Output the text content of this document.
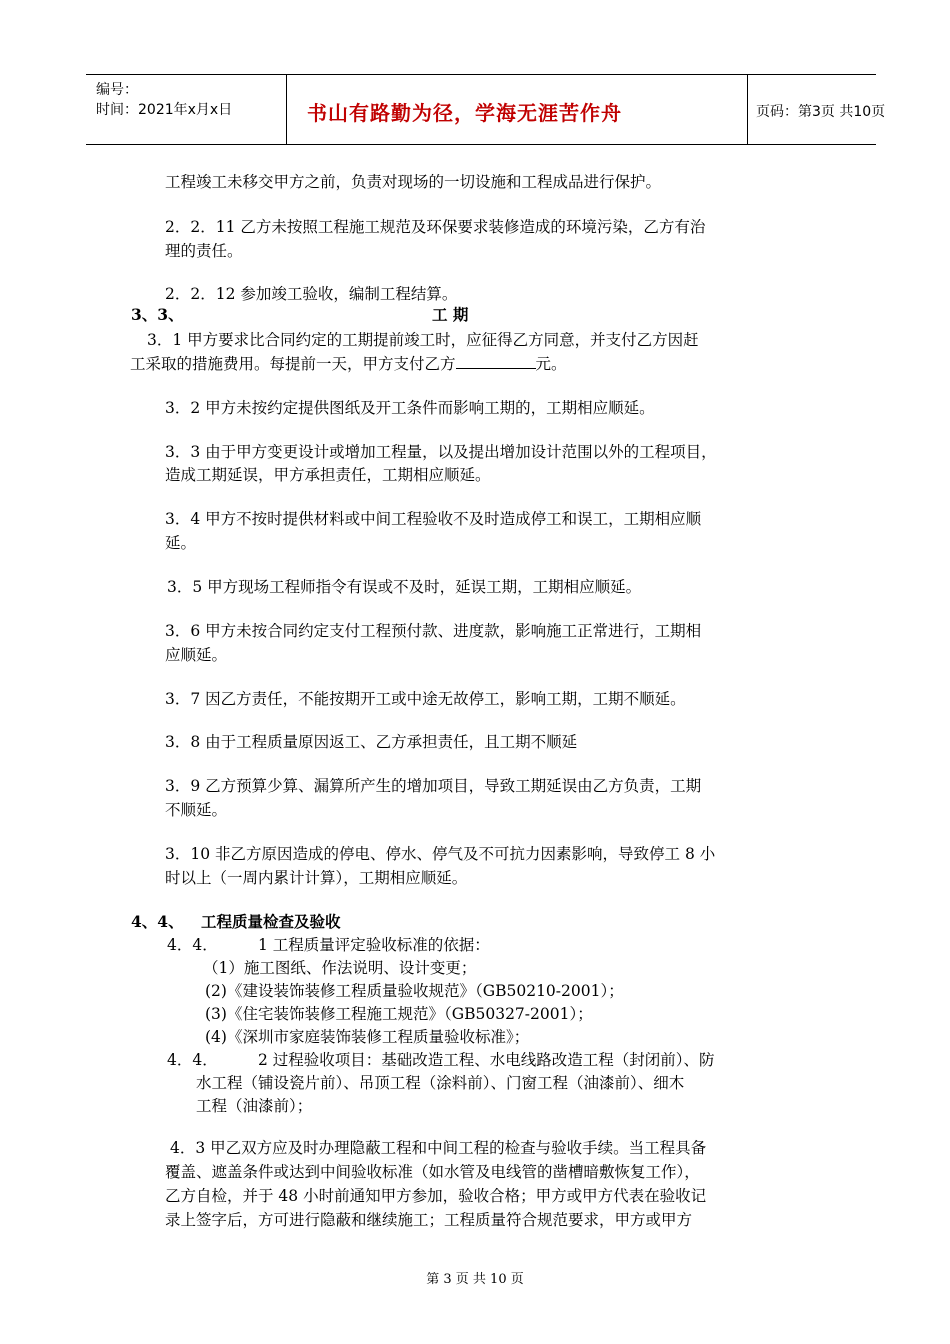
编号：
时间：2021年x月x日	书山有路勤为径，学海无涯苦作舟	页码：第3页 共10页
工程竣工未移交甲方之前，负责对现场的一切设施和工程成品进行保护。
2．2．11 乙方未按照工程施工规范及环保要求装修造成的环境污染，乙方有治
理的责任。
2．2．12 参加竣工验收，编制工程结算。
3、3、	工 期
3．1 甲方要求比合同约定的工期提前竣工时，应征得乙方同意，并支付乙方因赶
工采取的措施费用。每提前一天，甲方支付乙方	元。
3．2 甲方未按约定提供图纸及开工条件而影响工期的，工期相应顺延。
3．3 由于甲方变更设计或增加工程量，以及提出增加设计范围以外的工程项目，
造成工期延误，甲方承担责任，工期相应顺延。
3．4 甲方不按时提供材料或中间工程验收不及时造成停工和误工，工期相应顺
延。
3．5 甲方现场工程师指令有误或不及时，延误工期，工期相应顺延。
3．6 甲方未按合同约定支付工程预付款、进度款，影响施工正常进行，工期相
应顺延。
3．7 因乙方责任，不能按期开工或中途无故停工，影响工期，工期不顺延。
3．8 由于工程质量原因返工、乙方承担责任，且工期不顺延
3．9 乙方预算少算、漏算所产生的增加项目，导致工期延误由乙方负责，工期
不顺延。
3．10 非乙方原因造成的停电、停水、停气及不可抗力因素影响，导致停工 8 小
时以上（一周内累计计算），工期相应顺延。
4、4、 工程质量检查及验收
4．4．	1 工程质量评定验收标准的依据：
（1）施工图纸、作法说明、设计变更；
(2)《建设装饰装修工程质量验收规范》（GB50210-2001）；
(3)《住宅装饰装修工程施工规范》（GB50327-2001）；
(4)《深圳市家庭装饰装修工程质量验收标准》；
4．4．	2 过程验收项目：基础改造工程、水电线路改造工程（封闭前）、防
水工程（铺设瓷片前）、吊顶工程（涂料前）、门窗工程（油漆前）、细木
工程（油漆前）；
4．3 甲乙双方应及时办理隐蔽工程和中间工程的检查与验收手续。当工程具备
覆盖、遮盖条件或达到中间验收标准（如水管及电线管的凿槽暗敷恢复工作），
乙方自检，并于 48 小时前通知甲方参加，验收合格；甲方或甲方代表在验收记
录上签字后，方可进行隐蔽和继续施工；工程质量符合规范要求，甲方或甲方
第 3 页 共 10 页
